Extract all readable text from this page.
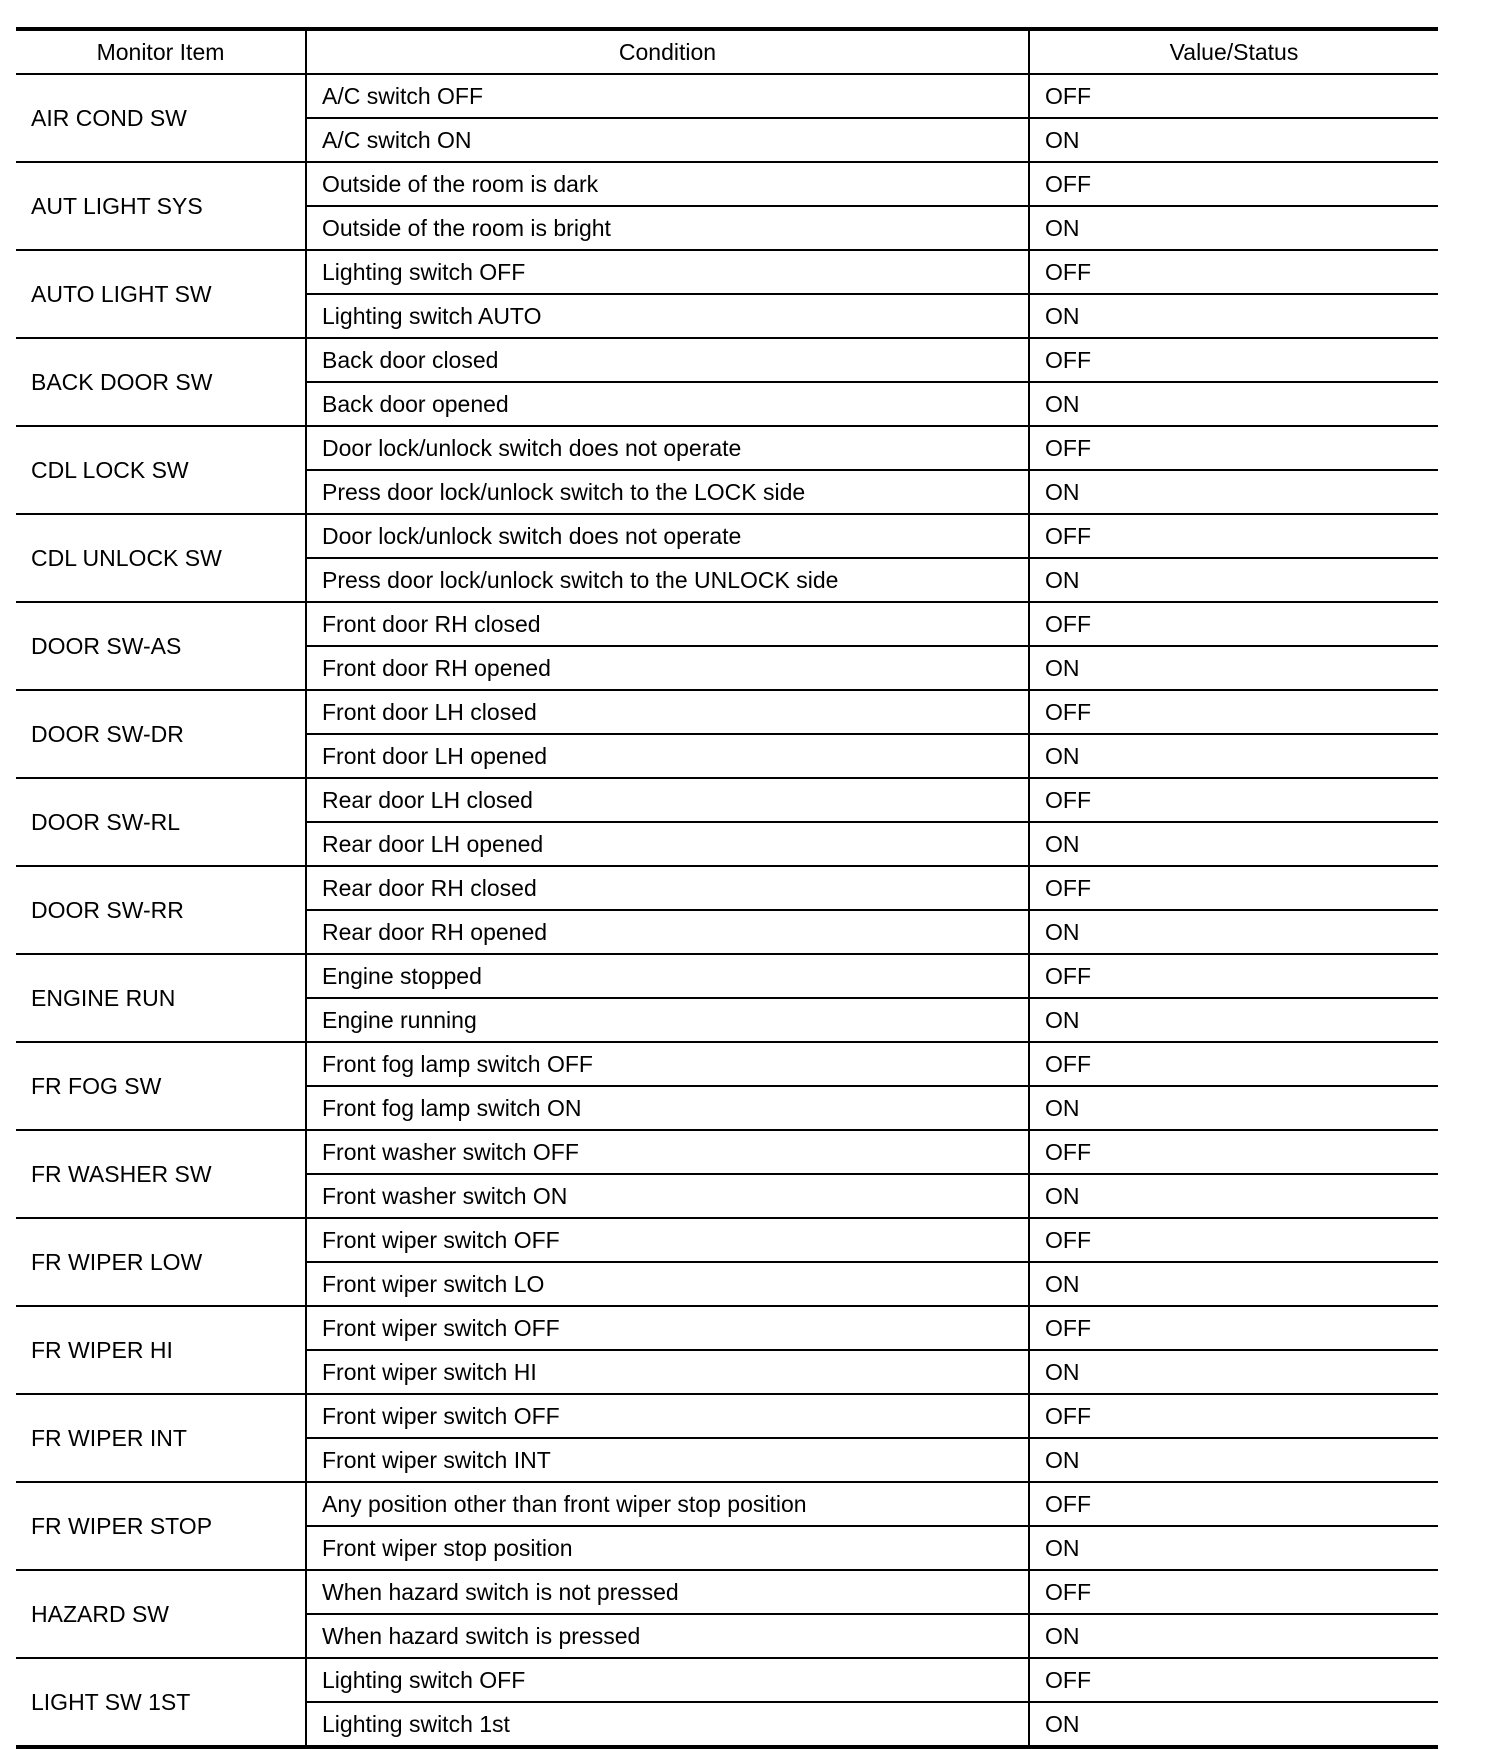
Monitor Item	Condition	Value/Status
AIR COND SW	A/C switch OFF	OFF
	A/C switch ON	ON
AUT LIGHT SYS	Outside of the room is dark	OFF
	Outside of the room is bright	ON
AUTO LIGHT SW	Lighting switch OFF	OFF
	Lighting switch AUTO	ON
BACK DOOR SW	Back door closed	OFF
	Back door opened	ON
CDL LOCK SW	Door lock/unlock switch does not operate	OFF
	Press door lock/unlock switch to the LOCK side	ON
CDL UNLOCK SW	Door lock/unlock switch does not operate	OFF
	Press door lock/unlock switch to the UNLOCK side	ON
DOOR SW-AS	Front door RH closed	OFF
	Front door RH opened	ON
DOOR SW-DR	Front door LH closed	OFF
	Front door LH opened	ON
DOOR SW-RL	Rear door LH closed	OFF
	Rear door LH opened	ON
DOOR SW-RR	Rear door RH closed	OFF
	Rear door RH opened	ON
ENGINE RUN	Engine stopped	OFF
	Engine running	ON
FR FOG SW	Front fog lamp switch OFF	OFF
	Front fog lamp switch ON	ON
FR WASHER SW	Front washer switch OFF	OFF
	Front washer switch ON	ON
FR WIPER LOW	Front wiper switch OFF	OFF
	Front wiper switch LO	ON
FR WIPER HI	Front wiper switch OFF	OFF
	Front wiper switch HI	ON
FR WIPER INT	Front wiper switch OFF	OFF
	Front wiper switch INT	ON
FR WIPER STOP	Any position other than front wiper stop position	OFF
	Front wiper stop position	ON
HAZARD SW	When hazard switch is not pressed	OFF
	When hazard switch is pressed	ON
LIGHT SW 1ST	Lighting switch OFF	OFF
	Lighting switch 1st	ON
